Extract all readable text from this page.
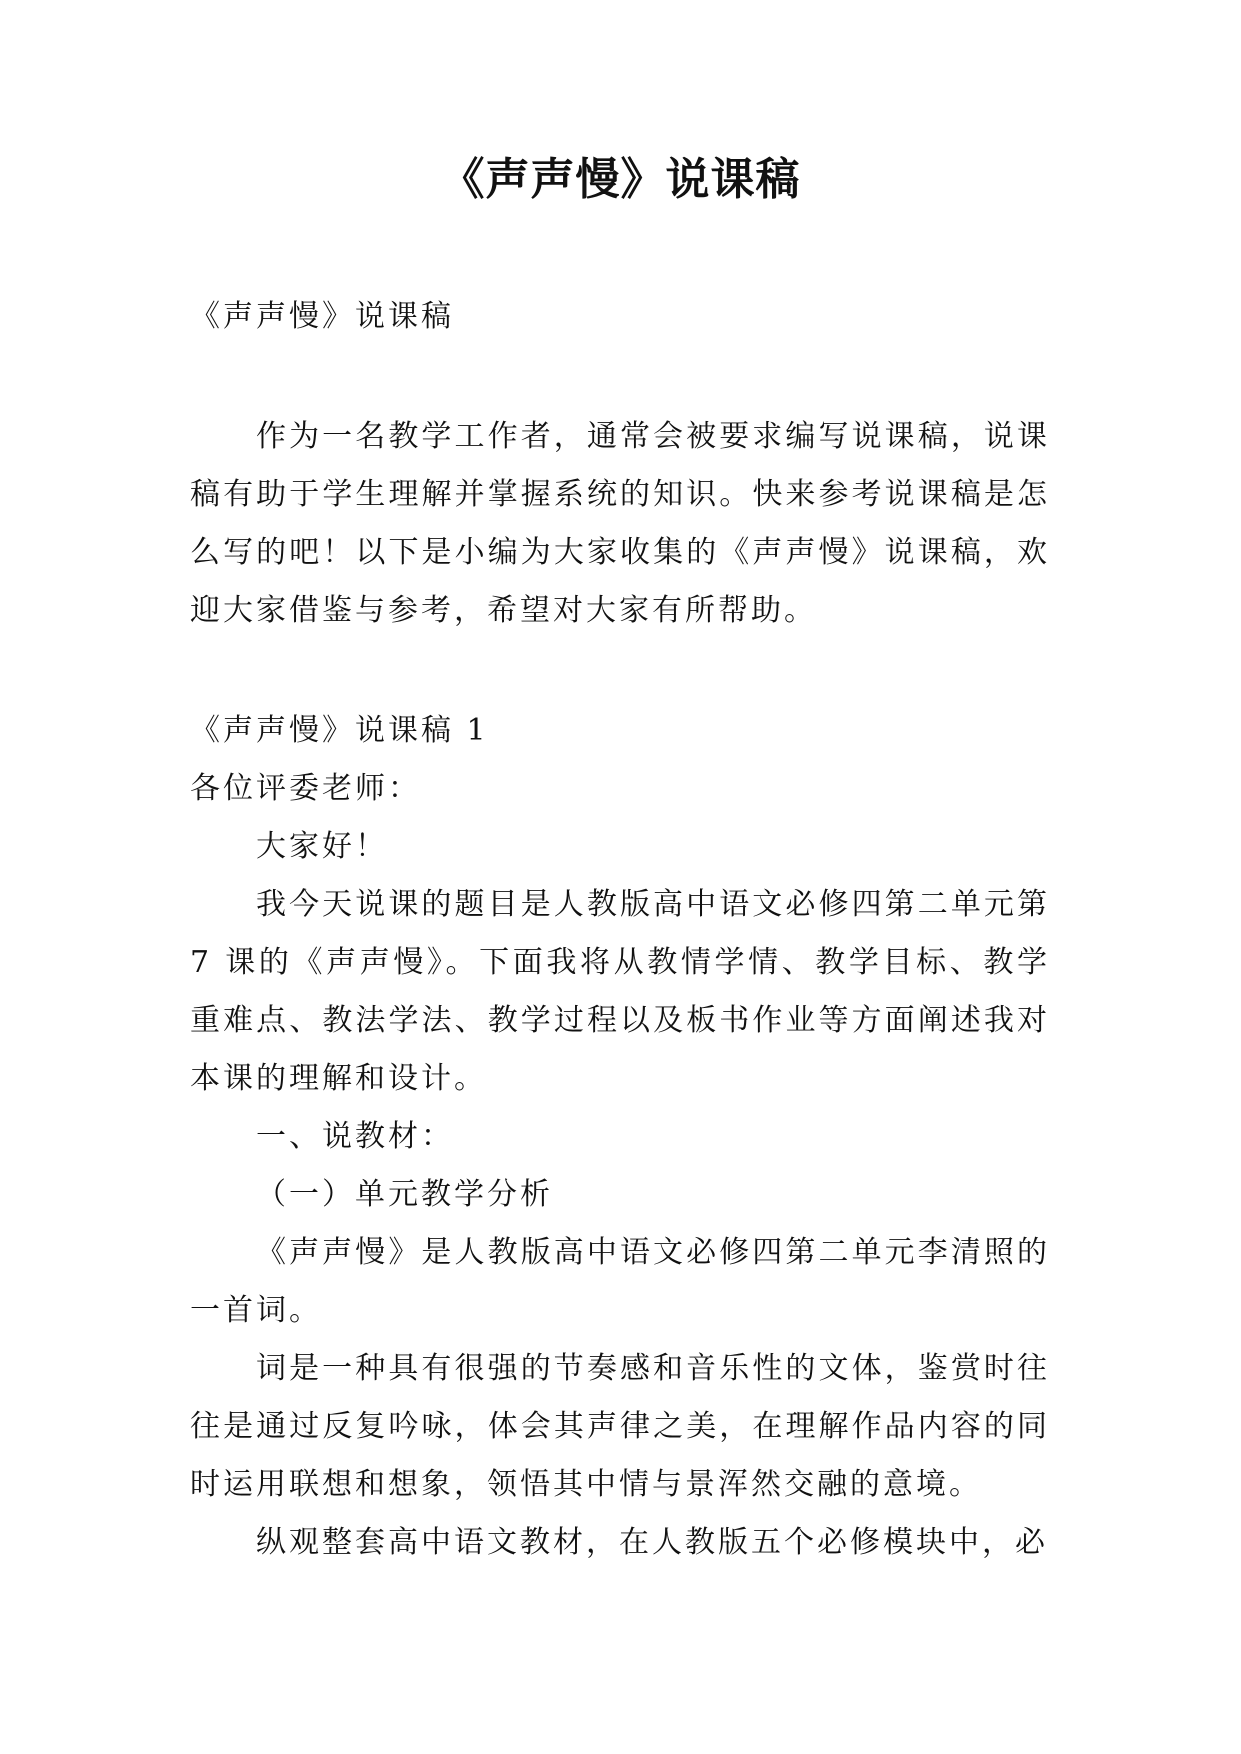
《声声慢》说课稿

《声声慢》说课稿

作为一名教学工作者，通常会被要求编写说课稿，说课稿有助于学生理解并掌握系统的知识。快来参考说课稿是怎么写的吧！以下是小编为大家收集的《声声慢》说课稿，欢迎大家借鉴与参考，希望对大家有所帮助。

《声声慢》说课稿 1

各位评委老师：

大家好！

我今天说课的题目是人教版高中语文必修四第二单元第 7 课的《声声慢》。下面我将从教情学情、教学目标、教学重难点、教法学法、教学过程以及板书作业等方面阐述我对本课的理解和设计。

一、说教材：

（一）单元教学分析

《声声慢》是人教版高中语文必修四第二单元李清照的一首词。

词是一种具有很强的节奏感和音乐性的文体，鉴赏时往往是通过反复吟咏，体会其声律之美，在理解作品内容的同时运用联想和想象，领悟其中情与景浑然交融的意境。

纵观整套高中语文教材，在人教版五个必修模块中，必
